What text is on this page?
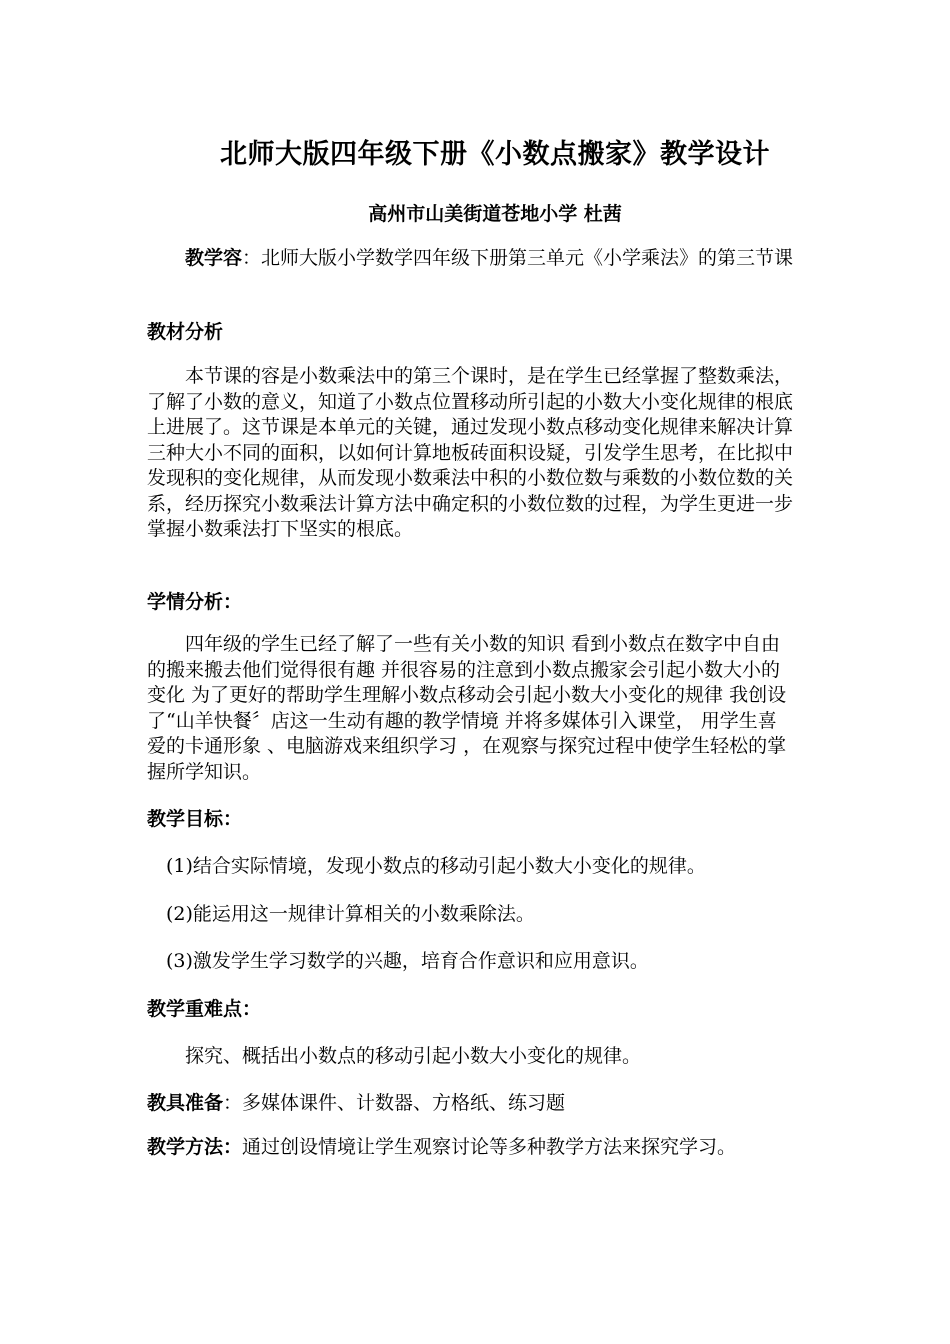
北师大版四年级下册《小数点搬家》教学设计

高州市山美街道苍地小学 杜茜

教学容：北师大版小学数学四年级下册第三单元《小学乘法》的第三节课

教材分析

本节课的容是小数乘法中的第三个课时，是在学生已经掌握了整数乘法，了解了小数的意义，知道了小数点位置移动所引起的小数大小变化规律的根底上进展了。这节课是本单元的关键，通过发现小数点移动变化规律来解决计算三种大小不同的面积，以如何计算地板砖面积设疑，引发学生思考，在比拟中发现积的变化规律，从而发现小数乘法中积的小数位数与乘数的小数位数的关系，经历探究小数乘法计算方法中确定积的小数位数的过程，为学生更进一步掌握小数乘法打下坚实的根底。

学情分析：

四年级的学生已经了解了一些有关小数的知识 看到小数点在数字中自由的搬来搬去他们觉得很有趣 并很容易的注意到小数点搬家会引起小数大小的变化 为了更好的帮助学生理解小数点移动会引起小数大小变化的规律 我创设了“山羊快餐〞店这一生动有趣的教学情境 并将多媒体引入课堂， 用学生喜爱的卡通形象 、电脑游戏来组织学习 ，在观察与探究过程中使学生轻松的掌握所学知识。

教学目标：

(1)结合实际情境，发现小数点的移动引起小数大小变化的规律。

(2)能运用这一规律计算相关的小数乘除法。

(3)激发学生学习数学的兴趣，培育合作意识和应用意识。

教学重难点：

探究、概括出小数点的移动引起小数大小变化的规律。

教具准备：多媒体课件、计数器、方格纸、练习题

教学方法：通过创设情境让学生观察讨论等多种教学方法来探究学习。
